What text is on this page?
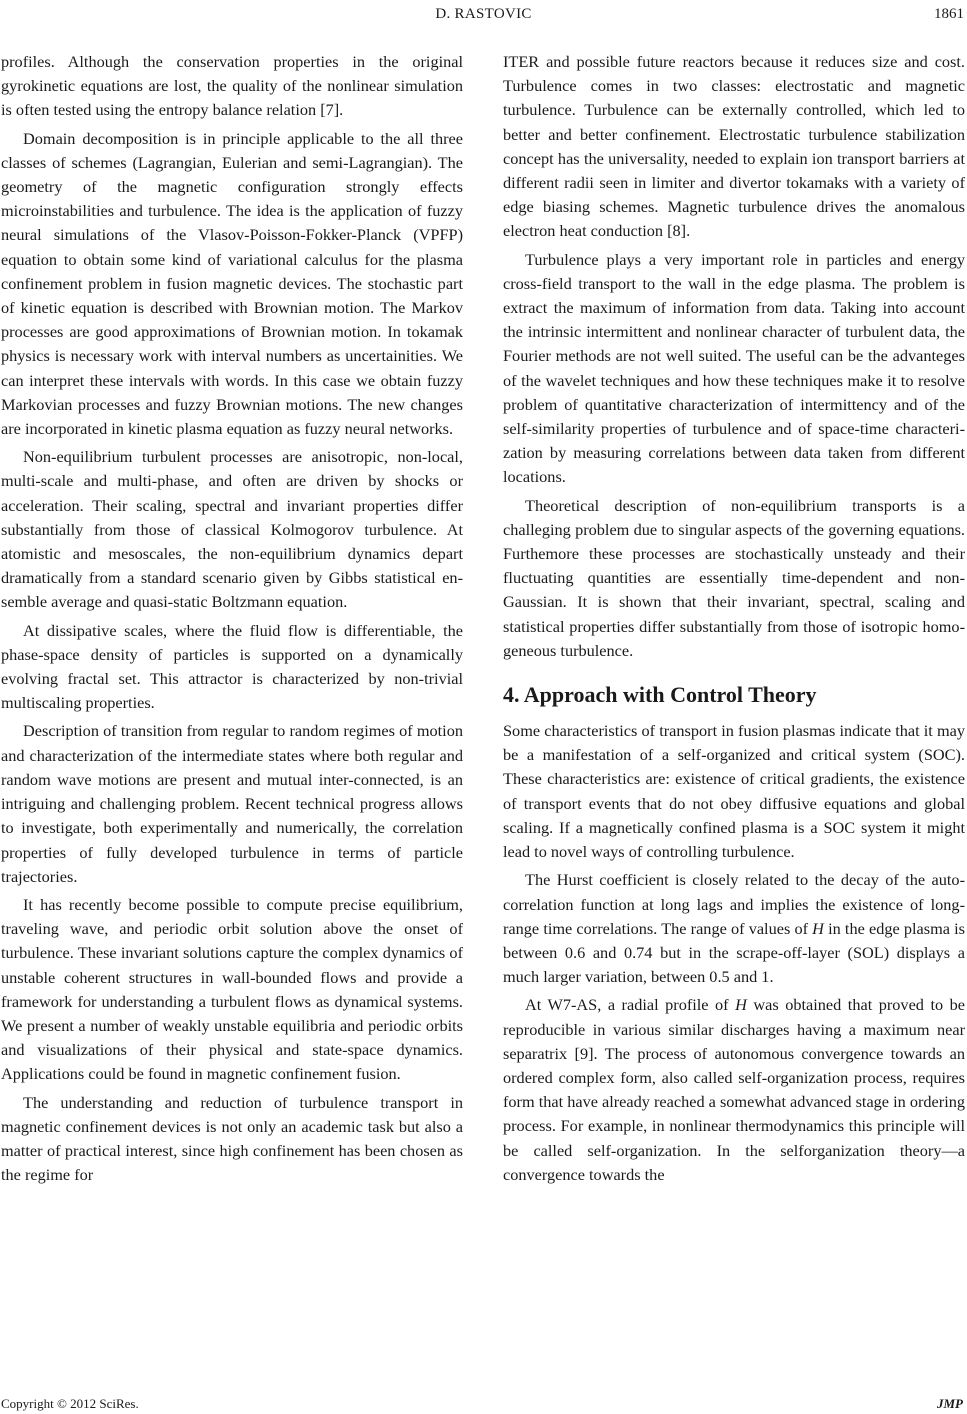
D. RASTOVIC	1861

profiles. Although the conservation properties in the original gyrokinetic equations are lost, the quality of the nonlinear simulation is often tested using the entropy balance relation [7].

Domain decomposition is in principle applicable to the all three classes of schemes (Lagrangian, Eulerian and semi-Lagrangian). The geometry of the magnetic configuration strongly effects microinstabilities and turbulence. The idea is the application of fuzzy neural simulations of the Vlasov-Poisson-Fokker-Planck (VPFP) equation to obtain some kind of variational calculus for the plasma confinement problem in fusion magnetic devices. The stochastic part of kinetic equation is described with Brownian motion. The Markov processes are good approximations of Brownian motion. In tokamak physics is necessary work with interval numbers as uncertainities. We can interpret these intervals with words. In this case we obtain fuzzy Markovian processes and fuzzy Brownian motions. The new changes are incorporated in kinetic plasma equation as fuzzy neural networks.

Non-equilibrium turbulent processes are anisotropic, non-local, multi-scale and multi-phase, and often are driven by shocks or acceleration. Their scaling, spectral and invariant properties differ substantially from those of classical Kolmogorov turbulence. At atomistic and mesoscales, the non-equilibrium dynamics depart dramatically from a standard scenario given by Gibbs statistical ensemble average and quasi-static Boltzmann equation.

At dissipative scales, where the fluid flow is differentiable, the phase-space density of particles is supported on a dynamically evolving fractal set. This attractor is characterized by non-trivial multiscaling properties.

Description of transition from regular to random regimes of motion and characterization of the intermediate states where both regular and random wave motions are present and mutual inter-connected, is an intriguing and challenging problem. Recent technical progress allows to investigate, both experimentally and numerically, the correlation properties of fully developed turbulence in terms of particle trajectories.

It has recently become possible to compute precise equilibrium, traveling wave, and periodic orbit solution above the onset of turbulence. These invariant solutions capture the complex dynamics of unstable coherent structures in wall-bounded flows and provide a framework for understanding a turbulent flows as dynamical systems. We present a number of weakly unstable equilibria and periodic orbits and visualizations of their physical and state-space dynamics. Applications could be found in magnetic confinement fusion.

The understanding and reduction of turbulence transport in magnetic confinement devices is not only an academic task but also a matter of practical interest, since high confinement has been chosen as the regime for

ITER and possible future reactors because it reduces size and cost. Turbulence comes in two classes: electrostatic and magnetic turbulence. Turbulence can be externally controlled, which led to better and better confinement. Electrostatic turbulence stabilization concept has the universality, needed to explain ion transport barriers at different radii seen in limiter and divertor tokamaks with a variety of edge biasing schemes. Magnetic turbulence drives the anomalous electron heat conduction [8].

Turbulence plays a very important role in particles and energy cross-field transport to the wall in the edge plasma. The problem is extract the maximum of information from data. Taking into account the intrinsic intermittent and nonlinear character of turbulent data, the Fourier methods are not well suited. The useful can be the advanteges of the wavelet techniques and how these techniques make it to resolve problem of quantitative characterization of intermittency and of the self-similarity properties of turbulence and of space-time characterization by measuring correlations between data taken from different locations.

Theoretical description of non-equilibrium transports is a challeging problem due to singular aspects of the governing equations. Furthemore these processes are stochastically unsteady and their fluctuating quantities are essentially time-dependent and non-Gaussian. It is shown that their invariant, spectral, scaling and statistical properties differ substantially from those of isotropic homogeneous turbulence.

4. Approach with Control Theory

Some characteristics of transport in fusion plasmas indicate that it may be a manifestation of a self-organized and critical system (SOC). These characteristics are: existence of critical gradients, the existence of transport events that do not obey diffusive equations and global scaling. If a magnetically confined plasma is a SOC system it might lead to novel ways of controlling turbulence.

The Hurst coefficient is closely related to the decay of the auto-correlation function at long lags and implies the existence of long-range time correlations. The range of values of H in the edge plasma is between 0.6 and 0.74 but in the scrape-off-layer (SOL) displays a much larger variation, between 0.5 and 1.

At W7-AS, a radial profile of H was obtained that proved to be reproducible in various similar discharges having a maximum near separatrix [9]. The process of autonomous convergence towards an ordered complex form, also called self-organization process, requires form that have already reached a somewhat advanced stage in ordering process. For example, in nonlinear thermodynamics this principle will be called self-organization. In the selforganization theory—a convergence towards the

Copyright © 2012 SciRes.	JMP
